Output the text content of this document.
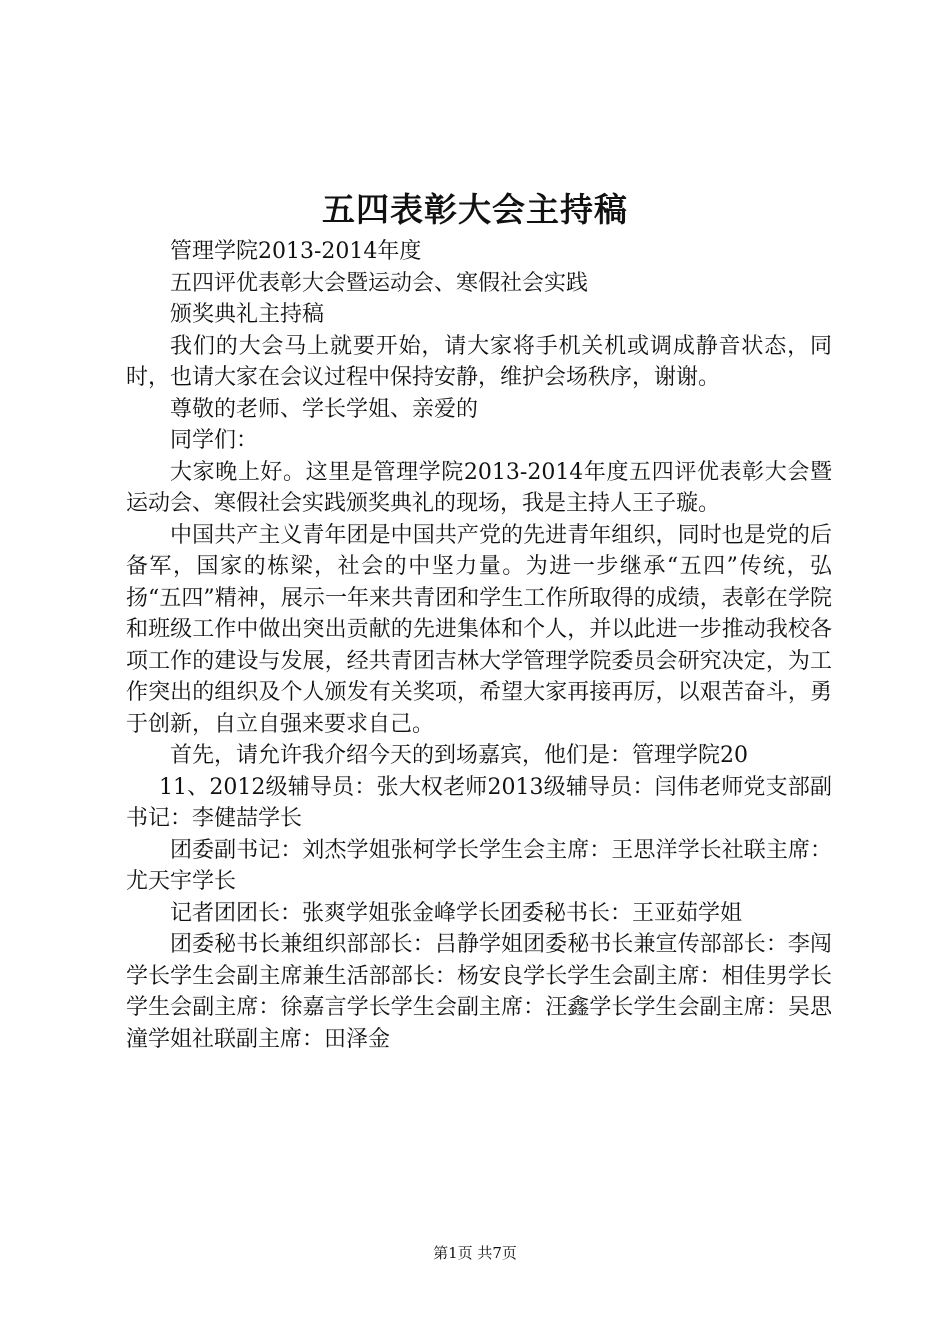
五四表彰大会主持稿

管理学院2013-2014年度

五四评优表彰大会暨运动会、寒假社会实践

颁奖典礼主持稿

我们的大会马上就要开始，请大家将手机关机或调成静音状态，同时，也请大家在会议过程中保持安静，维护会场秩序，谢谢。

尊敬的老师、学长学姐、亲爱的

同学们：

大家晚上好。这里是管理学院2013-2014年度五四评优表彰大会暨运动会、寒假社会实践颁奖典礼的现场，我是主持人王子璇。

中国共产主义青年团是中国共产党的先进青年组织，同时也是党的后备军，国家的栋梁，社会的中坚力量。为进一步继承“五四”传统，弘扬“五四”精神，展示一年来共青团和学生工作所取得的成绩，表彰在学院和班级工作中做出突出贡献的先进集体和个人，并以此进一步推动我校各项工作的建设与发展，经共青团吉林大学管理学院委员会研究决定，为工作突出的组织及个人颁发有关奖项，希望大家再接再厉，以艰苦奋斗，勇于创新，自立自强来要求自己。

首先，请允许我介绍今天的到场嘉宾，他们是：管理学院20

11、2012级辅导员：张大权老师2013级辅导员：闫伟老师党支部副书记：李健喆学长

团委副书记：刘杰学姐张柯学长学生会主席：王思洋学长社联主席：尤天宇学长

记者团团长：张爽学姐张金峰学长团委秘书长：王亚茹学姐

团委秘书长兼组织部部长：吕静学姐团委秘书长兼宣传部部长：李闯学长学生会副主席兼生活部部长：杨安良学长学生会副主席：相佳男学长学生会副主席：徐嘉言学长学生会副主席：汪鑫学长学生会副主席：吴思潼学姐社联副主席：田泽金

第1页 共7页
